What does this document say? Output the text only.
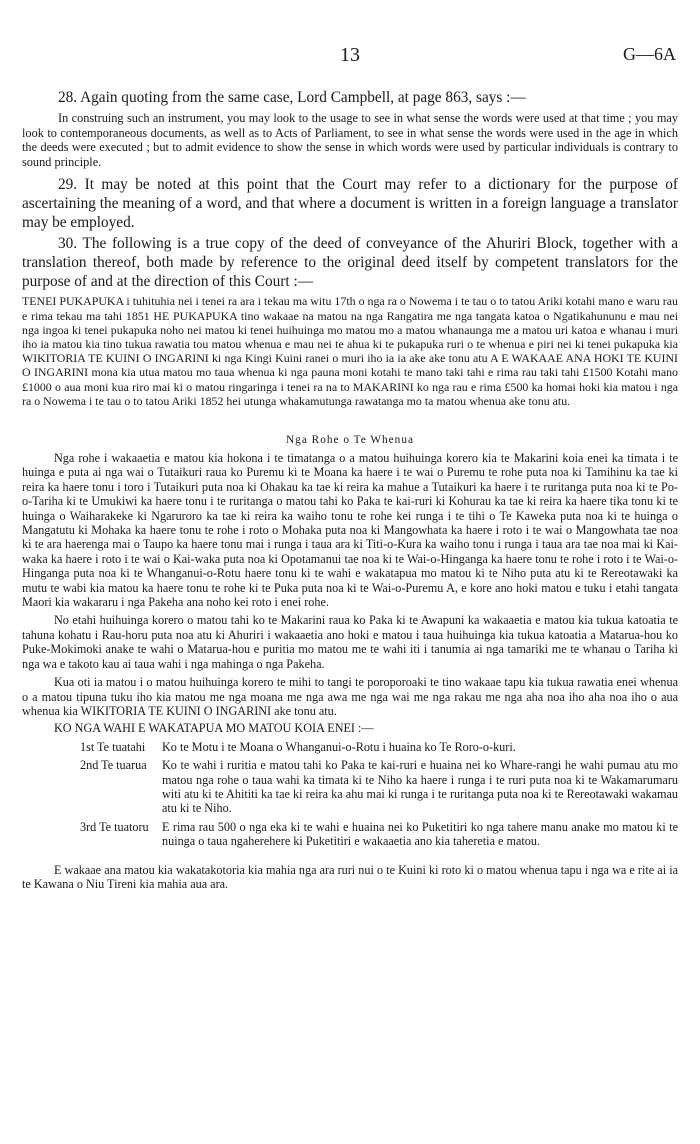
13	G—6A

28. Again quoting from the same case, Lord Campbell, at page 863, says :—

In construing such an instrument, you may look to the usage to see in what sense the words were used at that time ; you may look to contemporaneous documents, as well as to Acts of Parliament, to see in what sense the words were used in the age in which the deeds were executed ; but to admit evidence to show the sense in which words were used by particular individuals is contrary to sound principle.

29. It may be noted at this point that the Court may refer to a dictionary for the purpose of ascertaining the meaning of a word, and that where a document is written in a foreign language a translator may be employed.

30. The following is a true copy of the deed of conveyance of the Ahuriri Block, together with a translation thereof, both made by reference to the original deed itself by competent translators for the purpose of and at the direction of this Court :—

TENEI PUKAPUKA i tuhituhia nei i tenei ra ara i tekau ma witu 17th o nga ra o Nowema i te tau o to tatou Ariki kotahi mano e waru rau e rima tekau ma tahi 1851 HE PUKAPUKA tino wakaae na matou na nga Rangatira me nga tangata katoa o Ngatikahununu e mau nei nga ingoa ki tenei pukapuka noho nei matou ki tenei huihuinga mo matou mo a matou whanaunga me a matou uri katoa e whanau i muri iho ia matou kia tino tukua rawatia tou matou whenua e mau nei te ahua ki te pukapuka ruri o te whenua e piri nei ki tenei pukapuka kia WIKITORIA TE KUINI O INGARINI ki nga Kingi Kuini ranei o muri iho ia ia ake ake tonu atu A E WAKAAE ANA HOKI TE KUINI O INGARINI mona kia utua matou mo taua whenua ki nga pauna moni kotahi te mano taki tahi e rima rau taki tahi £1500 Kotahi mano £1000 o aua moni kua riro mai ki o matou ringaringa i tenei ra na to MAKARINI ko nga rau e rima £500 ka homai hoki kia matou i nga ra o Nowema i te tau o to tatou Ariki 1852 hei utunga whakamutunga rawatanga mo ta matou whenua ake tonu atu.

Nga Rohe o Te Whenua

Nga rohe i wakaaetia e matou kia hokona i te timatanga o a matou huihuinga korero kia te Makarini koia enei ka timata i te huinga e puta ai nga wai o Tutaikuri raua ko Puremu ki te Moana ka haere i te wai o Puremu te rohe puta noa ki Tamihinu ka tae ki reira ka haere tonu i toro i Tutaikuri puta noa ki Ohakau ka tae ki reira ka mahue a Tutaikuri ka haere i te ruritanga puta noa ki te Po-o-Tariha ki te Umukiwi ka haere tonu i te ruritanga o matou tahi ko Paka te kai-ruri ki Kohurau ka tae ki reira ka haere tika tonu ki te huinga o Waiharakeke ki Ngaruroro ka tae ki reira ka waiho tonu te rohe kei runga i te tihi o Te Kaweka puta noa ki te huinga o Mangatutu ki Mohaka ka haere tonu te rohe i roto o Mohaka puta noa ki Mangowhata ka haere i roto i te wai o Mangowhata tae noa ki te ara haerenga mai o Taupo ka haere tonu mai i runga i taua ara ki Titi-o-Kura ka waiho tonu i runga i taua ara tae noa mai ki Kai-waka ka haere i roto i te wai o Kai-waka puta noa ki Opotamanui tae noa ki te Wai-o-Hinganga ka haere tonu te rohe i roto i te Wai-o-Hinganga puta noa ki te Whanganui-o-Rotu haere tonu ki te wahi e wakatapua mo matou ki te Niho puta atu ki te Rereotawaki ka mutu te wabi kia matou ka haere tonu te rohe ki te Puka puta noa ki te Wai-o-Puremu A, e kore ano hoki matou e tuku i etahi tangata Maori kia wakararu i nga Pakeha ana noho kei roto i enei rohe.

No etahi huihuinga korero o matou tahi ko te Makarini raua ko Paka ki te Awapuni ka wakaaetia e matou kia tukua katoatia te tahuna kohatu i Rau-horu puta noa atu ki Ahuriri i wakaaetia ano hoki e matou i taua huihuinga kia tukua katoatia a Matarua-hou ko Puke-Mokimoki anake te wahi o Matarua-hou e puritia mo matou me te wahi iti i tanumia ai nga tamariki me te whanau o Tariha ki nga wa e takoto kau ai taua wahi i nga mahinga o nga Pakeha.

Kua oti ia matou i o matou huihuinga korero te mihi to tangi te poroporoaki te tino wakaae tapu kia tukua rawatia enei whenua o a matou tipuna tuku iho kia matou me nga moana me nga awa me nga wai me nga rakau me nga aha noa iho aha noa iho o aua whenua kia WIKITORIA TE KUINI O INGARINI ake tonu atu.

KO NGA WAHI E WAKATAPUA MO MATOU KOIA ENEI :—

1st Te tuatahi	Ko te Motu i te Moana o Whanganui-o-Rotu i huaina ko Te Roro-o-kuri.
2nd Te tuarua	Ko te wahi i ruritia e matou tahi ko Paka te kai-ruri e huaina nei ko Whare-rangi he wahi pumau atu mo matou nga rohe o taua wahi ka timata ki te Niho ka haere i runga i te ruri puta noa ki te Wakamarumaru witi atu ki te Ahititi ka tae ki reira ka ahu mai ki runga i te ruritanga puta noa ki te Rereotawaki wakamau atu ki te Niho.
3rd Te tuatoru	E rima rau 500 o nga eka ki te wahi e huaina nei ko Puketitiri ko nga tahere manu anake mo matou ki te nuinga o taua ngaherehere ki Puketitiri e wakaaetia ano kia taheretia e matou.

E wakaae ana matou kia wakatakotoria kia mahia nga ara ruri nui o te Kuini ki roto ki o matou whenua tapu i nga wa e rite ai ia te Kawana o Niu Tireni kia mahia aua ara.
